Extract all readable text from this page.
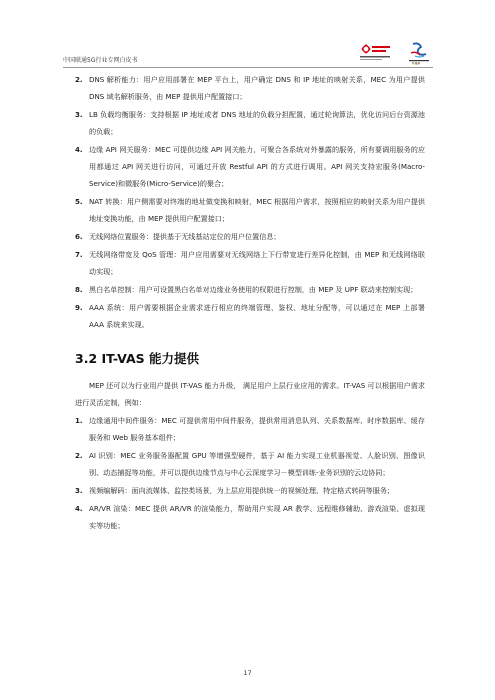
中国联通5G行业专网白皮书
2. DNS 解析能力：用户应用部署在 MEP 平台上，用户确定 DNS 和 IP 地址的映射关系，MEC 为用户提供 DNS 域名解析服务，由 MEP 提供用户配置接口；
3. LB 负载均衡服务：支持根据 IP 地址或者 DNS 地址的负载分担配置，通过轮询算法，优化访问后台资源池的负载；
4. 边缘 API 网关服务：MEC 可提供边缘 API 网关能力，可聚合各系统对外暴露的服务，所有要调用服务的应用都通过 API 网关进行访问，可通过开放 Restful API 的方式进行调用。API 网关支持宏服务(Macro-Service)和微服务(Micro-Service)的聚合；
5. NAT 转换：用户侧需要对终端的地址做变换和映射，MEC 根据用户需求，按照相应的映射关系为用户提供地址变换功能，由 MEP 提供用户配置接口；
6. 无线网络位置服务：提供基于无线基站定位的用户位置信息；
7. 无线网络带宽及 QoS 管理：用户应用需要对无线网络上下行带宽进行差异化控制，由 MEP 和无线网络联动实现；
8. 黑白名单控制：用户可设置黑白名单对边缘业务使用的权限进行控制，由 MEP 及 UPF 联动来控制实现；
9. AAA 系统：用户需要根据企业需求进行相应的终端管理、鉴权、地址分配等，可以通过在 MEP 上部署 AAA 系统来实现。
3.2 IT-VAS 能力提供

MEP 还可以为行业用户提供 IT-VAS 能力升级， 满足用户上层行业应用的需求。IT-VAS 可以根据用户需求进行灵活定制，例如：

1. 边缘通用中间件服务：MEC 可提供常用中间件服务，提供常用消息队列、关系数据库、时序数据库、缓存服务和 Web 服务基本组件；
2. AI 识别：MEC 业务服务器配置 GPU 等增强型硬件，基于 AI 能力实现工业机器视觉、人脸识别、图像识别、动态捕捉等功能，并可以提供边缘节点与中心云深度学习－模型训练-业务识别的云边协同；
3. 视频编解码：面向流媒体、监控类场景，为上层应用提供统一的视频处理、特定格式转码等服务；
4. AR/VR 渲染：MEC 提供 AR/VR 的渲染能力，帮助用户实现 AR 教学、远程维修辅助、游戏渲染、虚拟现实等功能；
17
